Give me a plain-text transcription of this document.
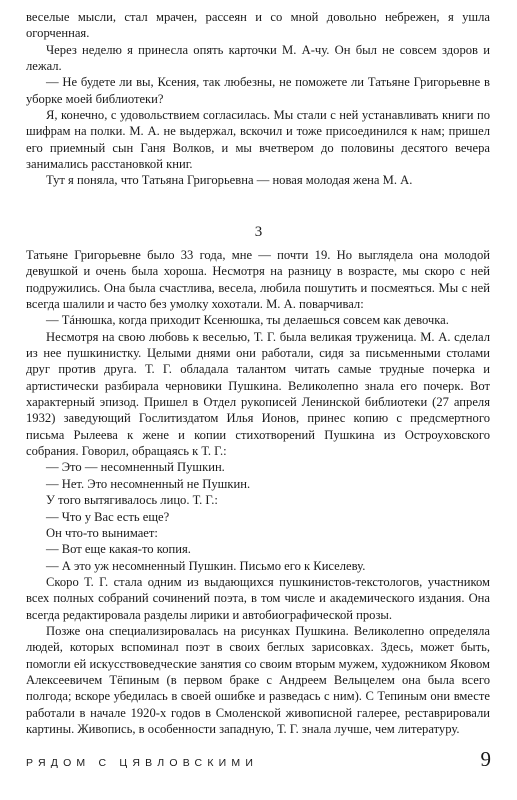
веселые мысли, стал мрачен, рассеян и со мной довольно небрежен, я ушла огорченная.

Через неделю я принесла опять карточки М. А-чу. Он был не совсем здоров и лежал.

— Не будете ли вы, Ксения, так любезны, не поможете ли Татьяне Григорьевне в уборке моей библиотеки?

Я, конечно, с удовольствием согласилась. Мы стали с ней устанавливать книги по шифрам на полки. М. А. не выдержал, вскочил и тоже присоединился к нам; пришел его приемный сын Ганя Волков, и мы вчетвером до половины десятого вечера занимались расстановкой книг.

Тут я поняла, что Татьяна Григорьевна — новая молодая жена М. А.

3

Татьяне Григорьевне было 33 года, мне — почти 19. Но выглядела она молодой девушкой и очень была хороша. Несмотря на разницу в возрасте, мы скоро с ней подружились. Она была счастлива, весела, любила пошутить и посмеяться. Мы с ней всегда шалили и часто без умолку хохотали. М. А. поварчивал:

— Тáнюшка, когда приходит Ксенюшка, ты делаешься совсем как девочка.

Несмотря на свою любовь к веселью, Т. Г. была великая труженица. М. А. сделал из нее пушкинистку. Целыми днями они работали, сидя за письменными столами друг против друга. Т. Г. обладала талантом читать самые трудные почерка и артистически разбирала черновики Пушкина. Великолепно знала его почерк. Вот характерный эпизод. Пришел в Отдел рукописей Ленинской библиотеки (27 апреля 1932) заведующий Гослитиздатом Илья Ионов, принес копию с предсмертного письма Рылеева к жене и копии стихотворений Пушкина из Остроуховского собрания. Говорил, обращаясь к Т. Г.:

— Это — несомненный Пушкин.

— Нет. Это несомненный не Пушкин.

У того вытягивалось лицо. Т. Г.:

— Что у Вас есть еще?

Он что-то вынимает:

— Вот еще какая-то копия.

— А это уж несомненный Пушкин. Письмо его к Киселеву.

Скоро Т. Г. стала одним из выдающихся пушкинистов-текстологов, участником всех полных собраний сочинений поэта, в том числе и академического издания. Она всегда редактировала разделы лирики и автобиографической прозы.

Позже она специализировалась на рисунках Пушкина. Великолепно определяла людей, которых вспоминал поэт в своих беглых зарисовках. Здесь, может быть, помогли ей искусствоведческие занятия со своим вторым мужем, художником Яковом Алексеевичем Тёпиным (в первом браке с Андреем Велыцелем она была всего полгода; вскоре убедилась в своей ошибке и разведась с ним). С Тепиным они вместе работали в начале 1920-х годов в Смоленской живописной галерее, реставрировали картины. Живопись, в особенности западную, Т. Г. знала лучше, чем литературу.

РЯДОМ С ЦЯВЛОВСКИМИ	9
